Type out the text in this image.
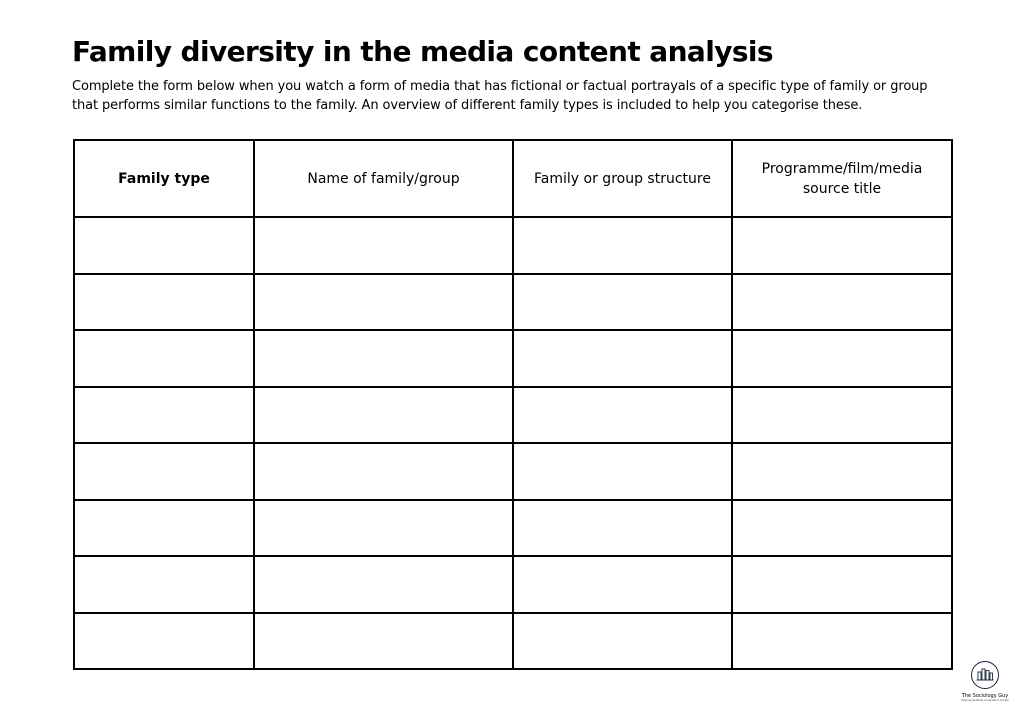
Family diversity in the media content analysis

Complete the form below when you watch a form of media that has fictional or factual portrayals of a specific type of family or group
that performs similar functions to the family. An overview of different family types is included to help you categorise these.

Family type	Name of family/group	Family or group structure	Programme/film/media source title

The Sociology Guy
Helping students understand society
